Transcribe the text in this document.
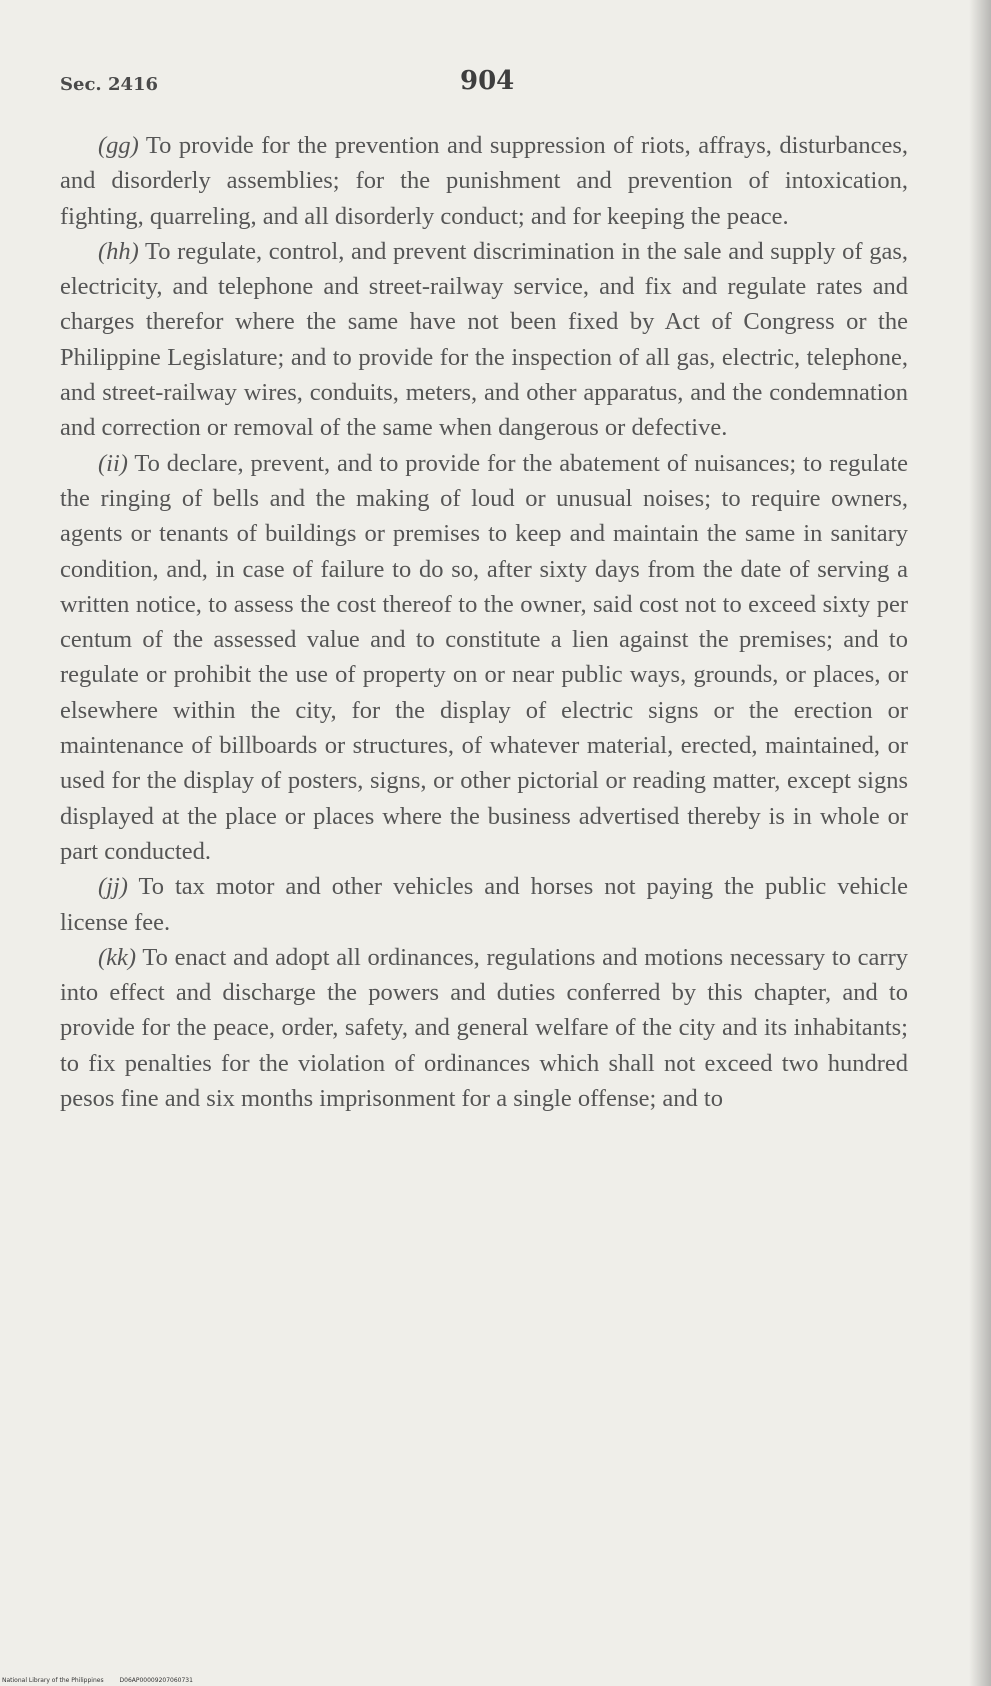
Sec. 2416	904

(gg) To provide for the prevention and suppression of riots, affrays, disturbances, and disorderly assemblies; for the punishment and prevention of intoxication, fighting, quarreling, and all disorderly conduct; and for keeping the peace.

(hh) To regulate, control, and prevent discrimination in the sale and supply of gas, electricity, and telephone and street-railway service, and fix and regulate rates and charges therefor where the same have not been fixed by Act of Congress or the Philippine Legislature; and to provide for the inspection of all gas, electric, telephone, and street-railway wires, conduits, meters, and other apparatus, and the condemnation and correction or removal of the same when dangerous or defective.

(ii) To declare, prevent, and to provide for the abatement of nuisances; to regulate the ringing of bells and the making of loud or unusual noises; to require owners, agents or tenants of buildings or premises to keep and maintain the same in sanitary condition, and, in case of failure to do so, after sixty days from the date of serving a written notice, to assess the cost thereof to the owner, said cost not to exceed sixty per centum of the assessed value and to constitute a lien against the premises; and to regulate or prohibit the use of property on or near public ways, grounds, or places, or elsewhere within the city, for the display of electric signs or the erection or maintenance of billboards or structures, of whatever material, erected, maintained, or used for the display of posters, signs, or other pictorial or reading matter, except signs displayed at the place or places where the business advertised thereby is in whole or part conducted.

(jj) To tax motor and other vehicles and horses not paying the public vehicle license fee.

(kk) To enact and adopt all ordinances, regulations and motions necessary to carry into effect and discharge the powers and duties conferred by this chapter, and to provide for the peace, order, safety, and general welfare of the city and its inhabitants; to fix penalties for the violation of ordinances which shall not exceed two hundred pesos fine and six months imprisonment for a single offense; and to

National Library of the Philippines	D06AP00009207060731
